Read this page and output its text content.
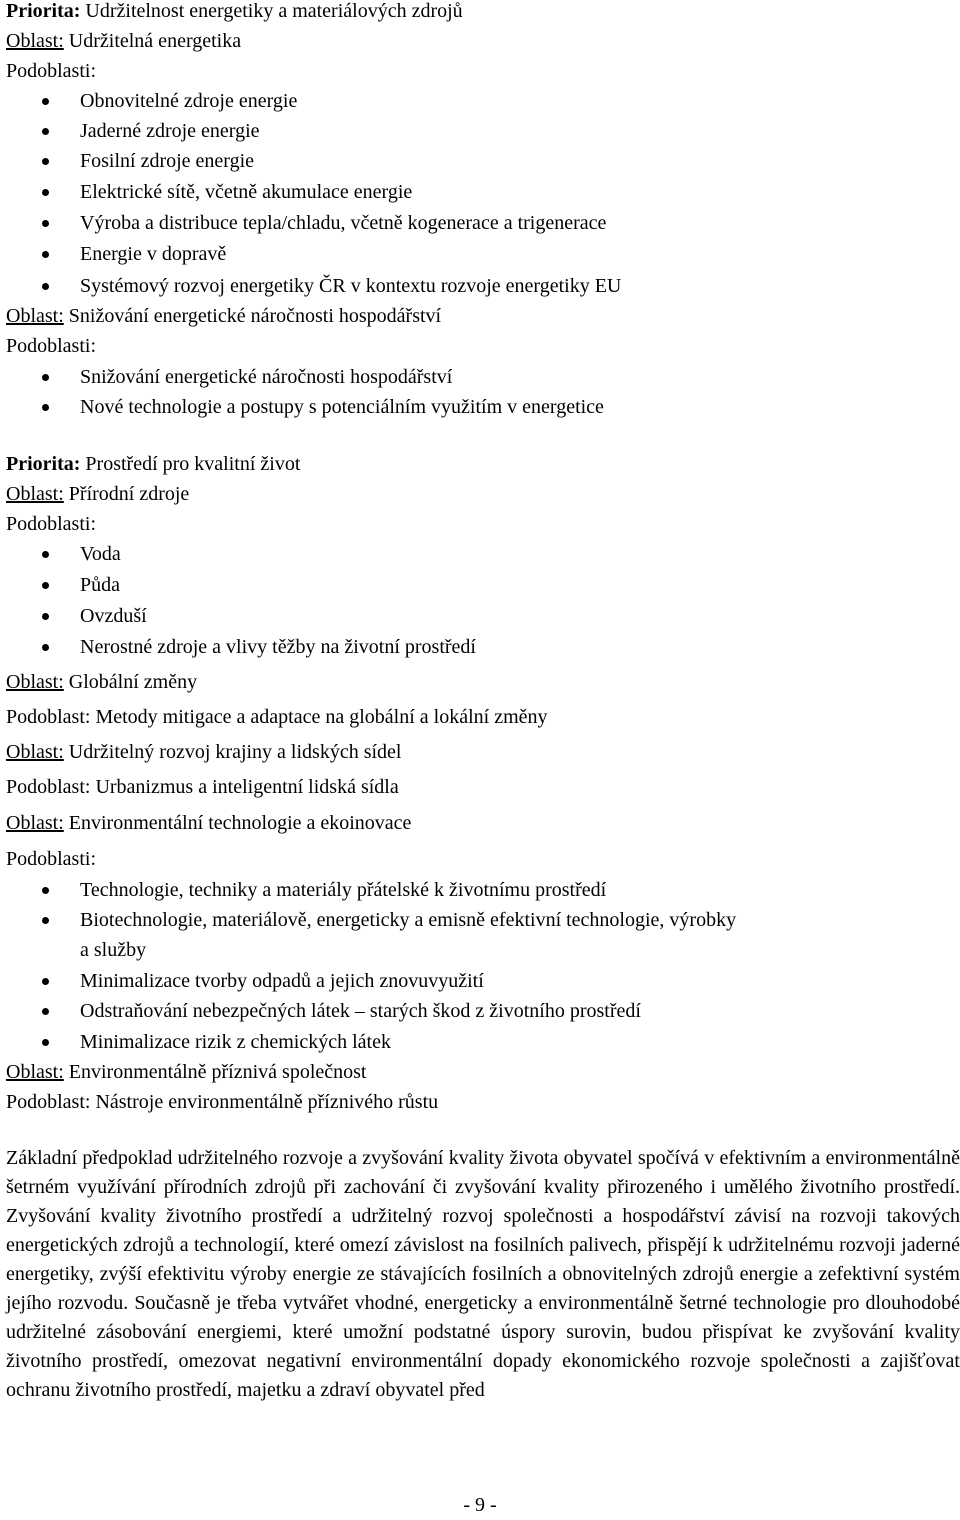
Priorita: Udržitelnost energetiky a materiálových zdrojů
Oblast: Udržitelná energetika
Podoblasti:
Obnovitelné zdroje energie
Jaderné zdroje energie
Fosilní zdroje energie
Elektrické sítě, včetně akumulace energie
Výroba a distribuce tepla/chladu, včetně kogenerace a trigenerace
Energie v dopravě
Systémový rozvoj energetiky ČR v kontextu rozvoje energetiky EU
Oblast: Snižování energetické náročnosti hospodářství
Podoblasti:
Snižování energetické náročnosti hospodářství
Nové technologie a postupy s potenciálním využitím v energetice
Priorita: Prostředí pro kvalitní život
Oblast: Přírodní zdroje
Podoblasti:
Voda
Půda
Ovzduší
Nerostné zdroje a vlivy těžby na životní prostředí
Oblast: Globální změny
Podoblast: Metody mitigace a adaptace na globální a lokální změny
Oblast: Udržitelný rozvoj krajiny a lidských sídel
Podoblast: Urbanizmus a inteligentní lidská sídla
Oblast: Environmentální technologie a ekoinovace
Podoblasti:
Technologie, techniky a materiály přátelské k životnímu prostředí
Biotechnologie, materiálově, energeticky a emisně efektivní technologie, výrobky
a služby
Minimalizace tvorby odpadů a jejich znovuvyužití
Odstraňování nebezpečných látek – starých škod z životního prostředí
Minimalizace rizik z chemických látek
Oblast: Environmentálně příznivá společnost
Podoblast: Nástroje environmentálně příznivého růstu
Základní předpoklad udržitelného rozvoje a zvyšování kvality života obyvatel spočívá v efektivním a environmentálně šetrném využívání přírodních zdrojů při zachování či zvyšování kvality přirozeného i umělého životního prostředí. Zvyšování kvality životního prostředí a udržitelný rozvoj společnosti a hospodářství závisí na rozvoji takových energetických zdrojů a technologií, které omezí závislost na fosilních palivech, přispějí k udržitelnému rozvoji jaderné energetiky, zvýší efektivitu výroby energie ze stávajících fosilních a obnovitelných zdrojů energie a zefektivní systém jejího rozvodu. Současně je třeba vytvářet vhodné, energeticky a environmentálně šetrné technologie pro dlouhodobé udržitelné zásobování energiemi, které umožní podstatné úspory surovin, budou přispívat ke zvyšování kvality životního prostředí, omezovat negativní environmentální dopady ekonomického rozvoje společnosti a zajišťovat ochranu životního prostředí, majetku a zdraví obyvatel před
- 9 -
